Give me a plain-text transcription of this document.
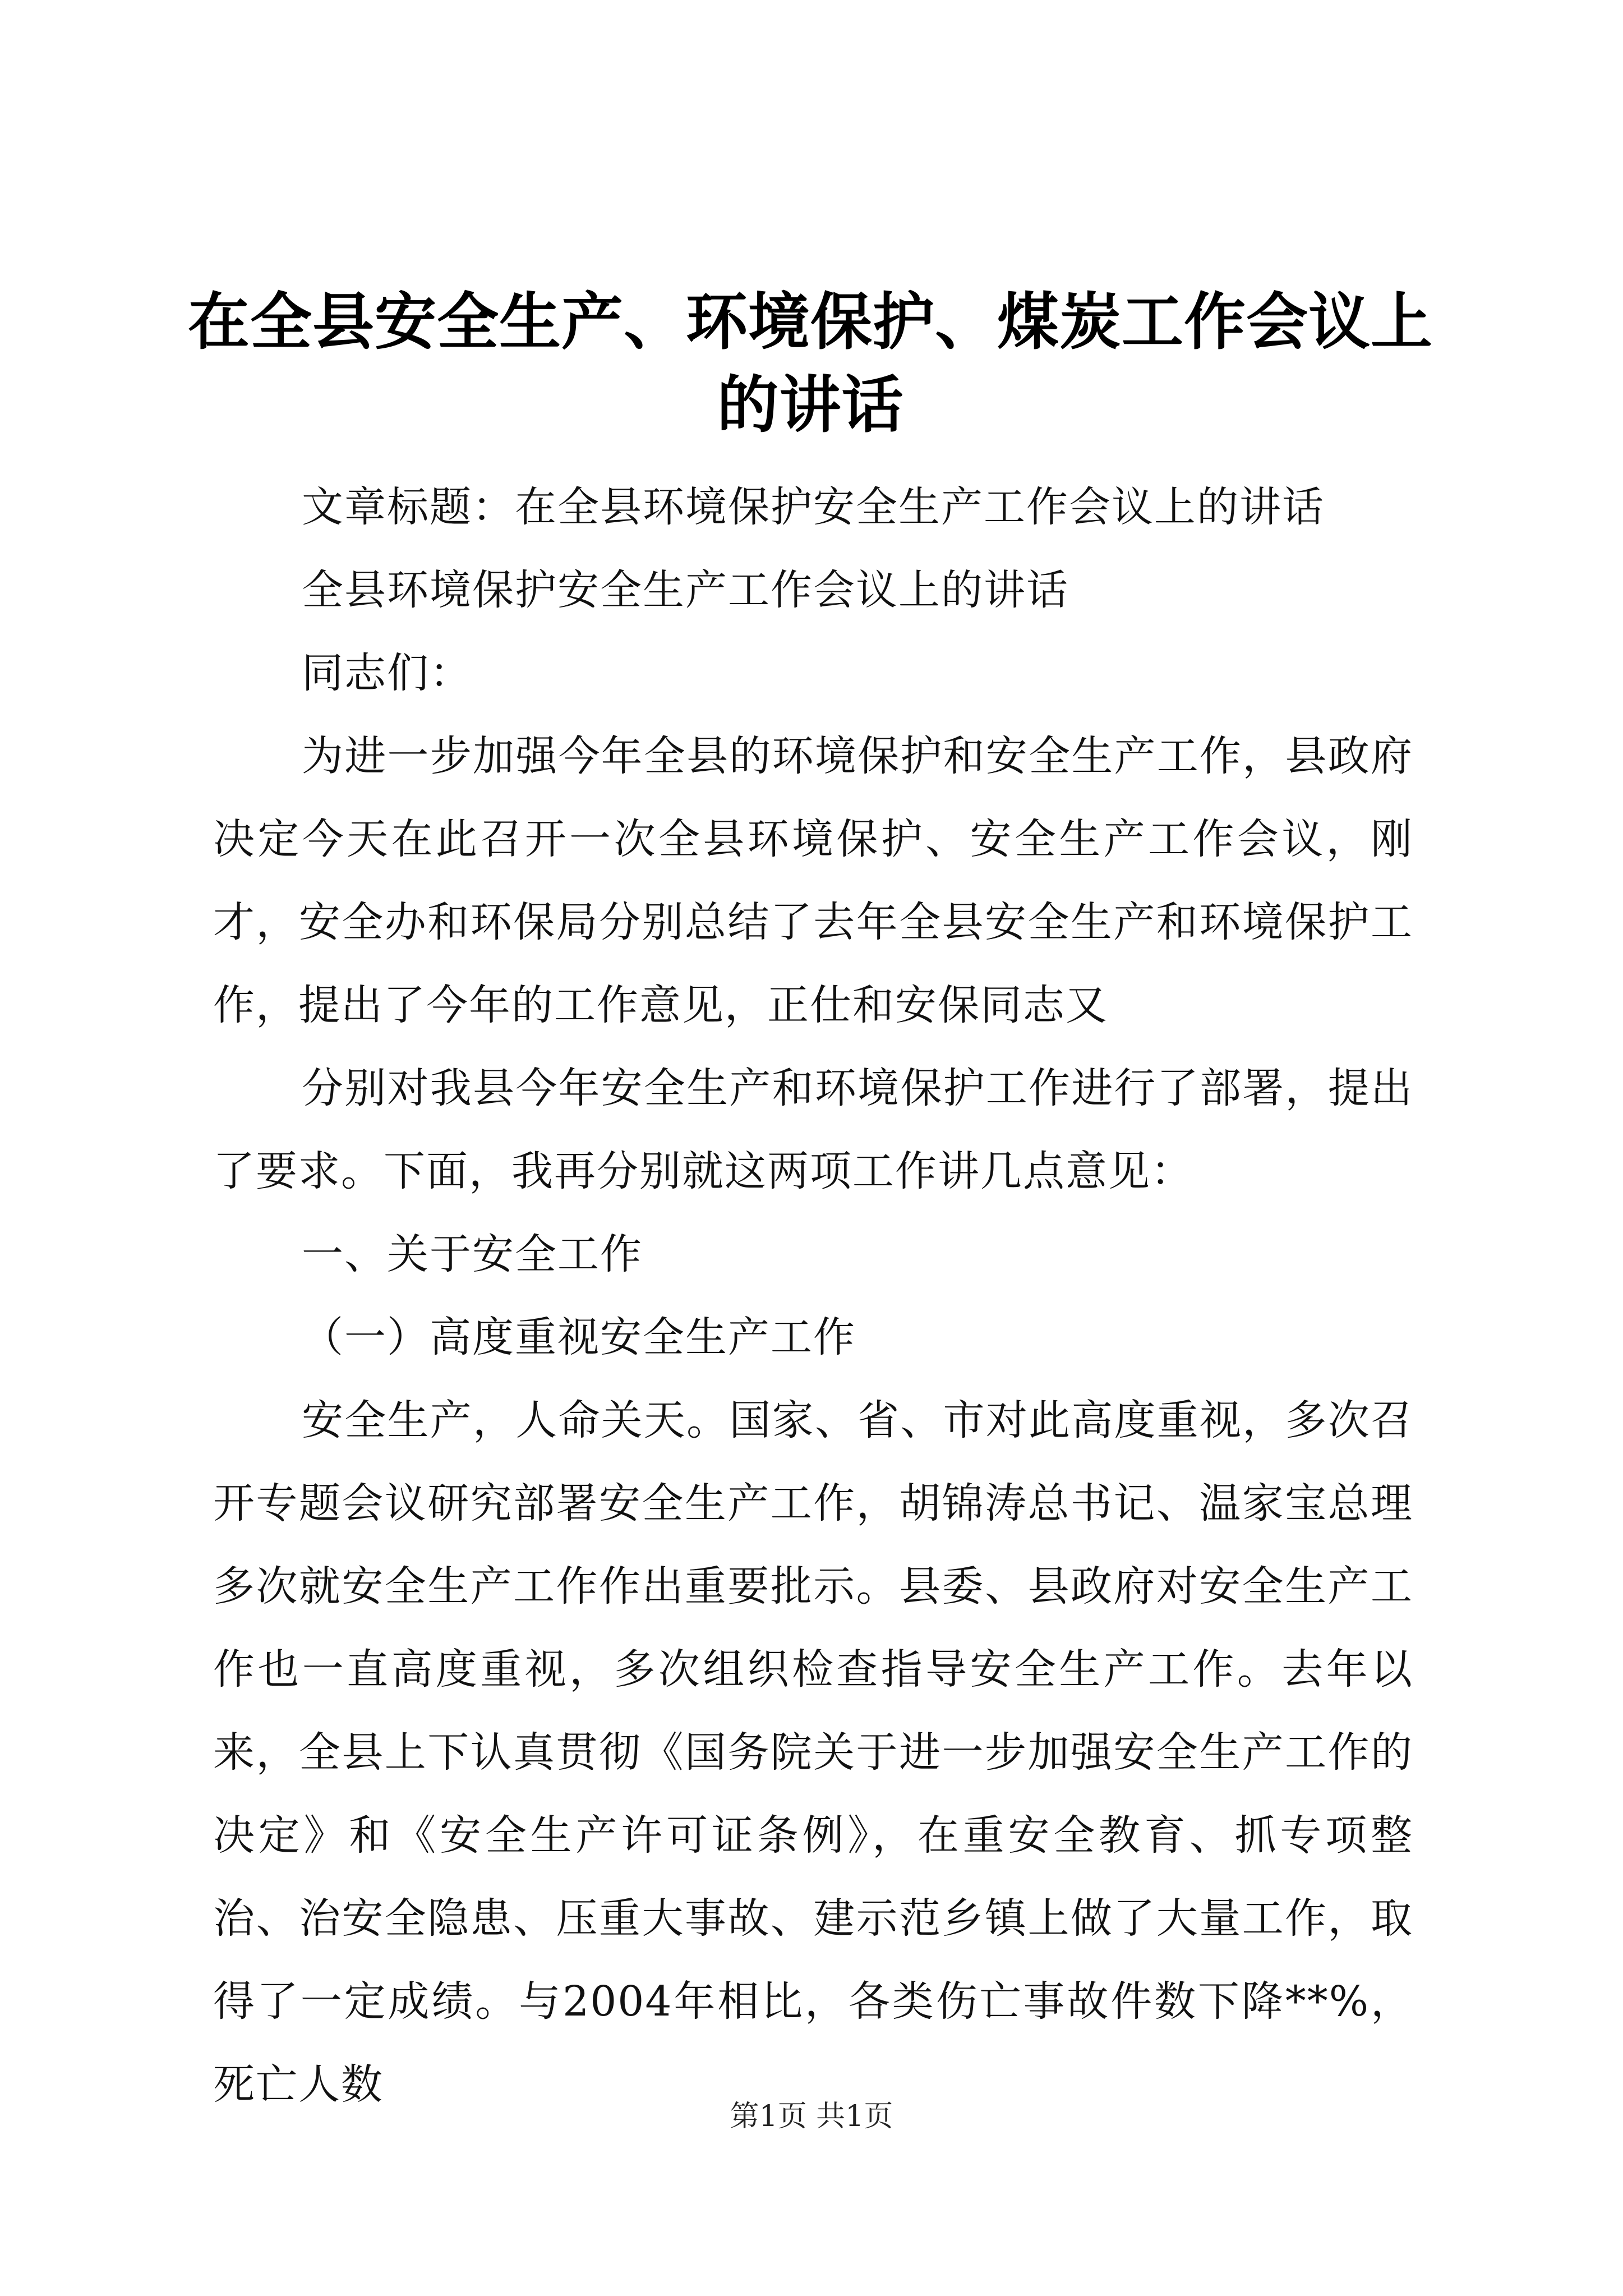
在全县安全生产、环境保护、煤炭工作会议上的讲话

文章标题：在全县环境保护安全生产工作会议上的讲话

全县环境保护安全生产工作会议上的讲话

同志们：

为进一步加强今年全县的环境保护和安全生产工作，县政府决定今天在此召开一次全县环境保护、安全生产工作会议，刚才，安全办和环保局分别总结了去年全县安全生产和环境保护工作，提出了今年的工作意见，正仕和安保同志又

分别对我县今年安全生产和环境保护工作进行了部署，提出了要求。下面，我再分别就这两项工作讲几点意见：

一、关于安全工作

（一）高度重视安全生产工作

安全生产，人命关天。国家、省、市对此高度重视，多次召开专题会议研究部署安全生产工作，胡锦涛总书记、温家宝总理多次就安全生产工作作出重要批示。县委、县政府对安全生产工作也一直高度重视，多次组织检查指导安全生产工作。去年以来，全县上下认真贯彻《国务院关于进一步加强安全生产工作的决定》和《安全生产许可证条例》，在重安全教育、抓专项整治、治安全隐患、压重大事故、建示范乡镇上做了大量工作，取得了一定成绩。与2004年相比，各类伤亡事故件数下降**%，死亡人数

第1页 共1页
